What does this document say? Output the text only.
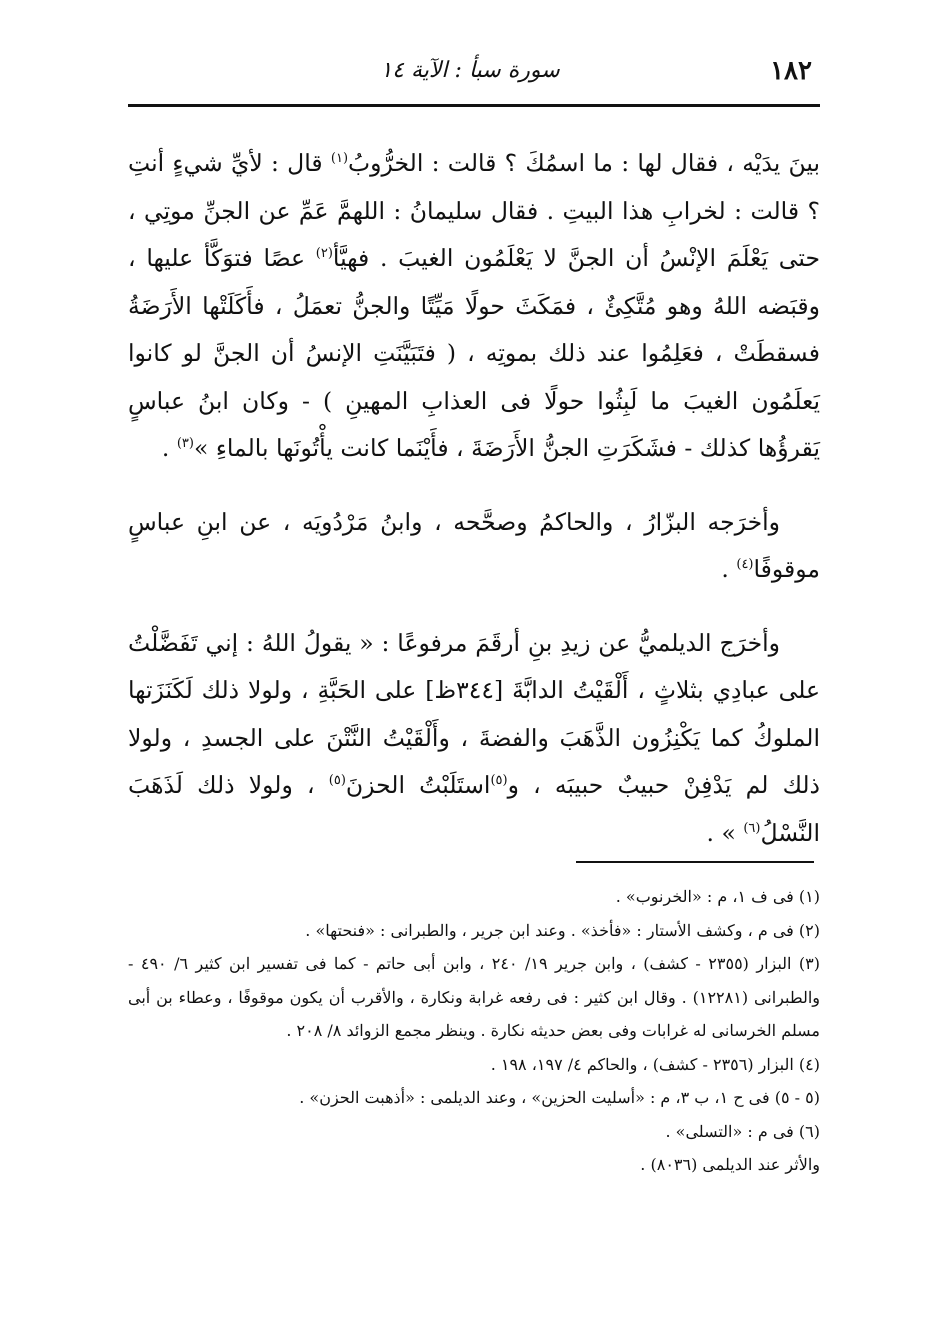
١٨٢
سورة سبأ : الآية ١٤

بينَ يدَيْه ، فقال لها : ما اسمُكَ ؟ قالت : الخرُّوبُ$^{(١)}$ قال : لأيِّ شيءٍ أنتِ ؟ قالت : لخرابِ هذا البيتِ . فقال سليمانُ : اللهمَّ عَمِّ عن الجنِّ موتِي ، حتى يَعْلَمَ الإنْسُ أن الجنَّ لا يَعْلَمُون الغيبَ . فهيَّأ$^{(٢)}$ عصًا فتوَكَّأ عليها ، وقبَضه اللهُ وهو مُتَّكِئٌ ، فمَكَثَ حولًا مَيِّتًا والجنُّ تعمَلُ ، فأَكَلَتْها الأَرَضَةُ فسقطَتْ ، فعَلِمُوا عند ذلك بموتِه ، ( فتَبَيَّنَتِ الإنسُ أن الجنَّ لو كانوا يَعلَمُون الغيبَ ما لَبِثُوا حولًا فى العذابِ المهينِ ) - وكان ابنُ عباسٍ يَقرؤُها كذلك - فشَكَرَتِ الجنُّ الأَرَضَةَ ، فأَيْنَما كانت يأْتُونَها بالماءِ »$^{(٣)}$ .

وأخرَجه البزّارُ ، والحاكمُ وصحَّحه ، وابنُ مَرْدُويَه ، عن ابنِ عباسٍ موقوفًا$^{(٤)}$ .

وأخرَج الديلميُّ عن زيدِ بنِ أرقَمَ مرفوعًا : « يقولُ اللهُ : إني تَفَضَّلْتُ على عبادِي بثلاثٍ ، أَلْقَيْتُ الدابَّةَ [٣٤٤ظ] على الحَبَّةِ ، ولولا ذلك لَكَنَزَتها الملوكُ كما يَكْنِزُون الذَّهَبَ والفضةَ ، وأَلْقَيْتُ النَّتْنَ على الجسدِ ، ولولا ذلك لم يَدْفِنْ حبيبٌ حبيبَه ، و$^{(٥)}$استَلَبْتُ الحزنَ$^{(٥)}$ ، ولولا ذلك لَذَهَبَ النَّسْلُ$^{(٦)}$ » .

(١) فى ف ١، م : «الخرنوب» .

(٢) فى م ، وكشف الأستار : «فأخذ» . وعند ابن جرير ، والطبرانى : «فنحتها» .

(٣) البزار (٢٣٥٥ - كشف) ، وابن جرير ١٩/ ٢٤٠ ، وابن أبى حاتم - كما فى تفسير ابن كثير ٦/ ٤٩٠ - والطبرانى (١٢٢٨١) . وقال ابن كثير : فى رفعه غرابة ونكارة ، والأقرب أن يكون موقوفًا ، وعطاء بن أبى مسلم الخرسانى له غرابات وفى بعض حديثه نكارة . وينظر مجمع الزوائد ٨/ ٢٠٨ .

(٤) البزار (٢٣٥٦ - كشف) ، والحاكم ٤/ ١٩٧، ١٩٨ .

(٥ - ٥) فى ح ١، ب ٣، م : «أسليت الحزين» ، وعند الديلمى : «أذهبت الحزن» .

(٦) فى م : «التسلى» .

والأثر عند الديلمى (٨٠٣٦) .
